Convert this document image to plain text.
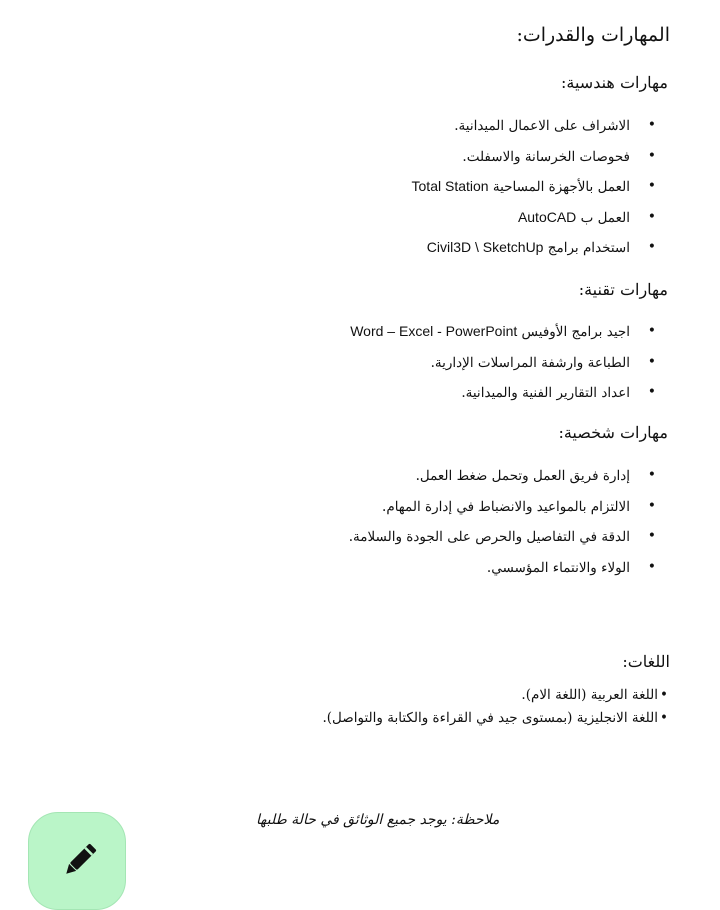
المهارات والقدرات:
مهارات هندسية:
• الاشراف على الاعمال الميدانية.
• فحوصات الخرسانة والاسفلت.
• العمل بالأجهزة المساحية Total Station
• العمل ب AutoCAD
• استخدام برامج Civil3D \ SketchUp
مهارات تقنية:
• اجيد برامج الأوفيس Word – Excel - PowerPoint
• الطباعة وارشفة المراسلات الإدارية.
• اعداد التقارير الفنية والميدانية.
مهارات شخصية:
• إدارة فريق العمل وتحمل ضغط العمل.
• الالتزام بالمواعيد والانضباط في إدارة المهام.
• الدقة في التفاصيل والحرص على الجودة والسلامة.
• الولاء والانتماء المؤسسي.
اللغات:
• اللغة العربية (اللغة الام).
• اللغة الانجليزية (بمستوى جيد في القراءة والكتابة والتواصل).
ملاحظة: يوجد جميع الوثائق في حالة طلبها
